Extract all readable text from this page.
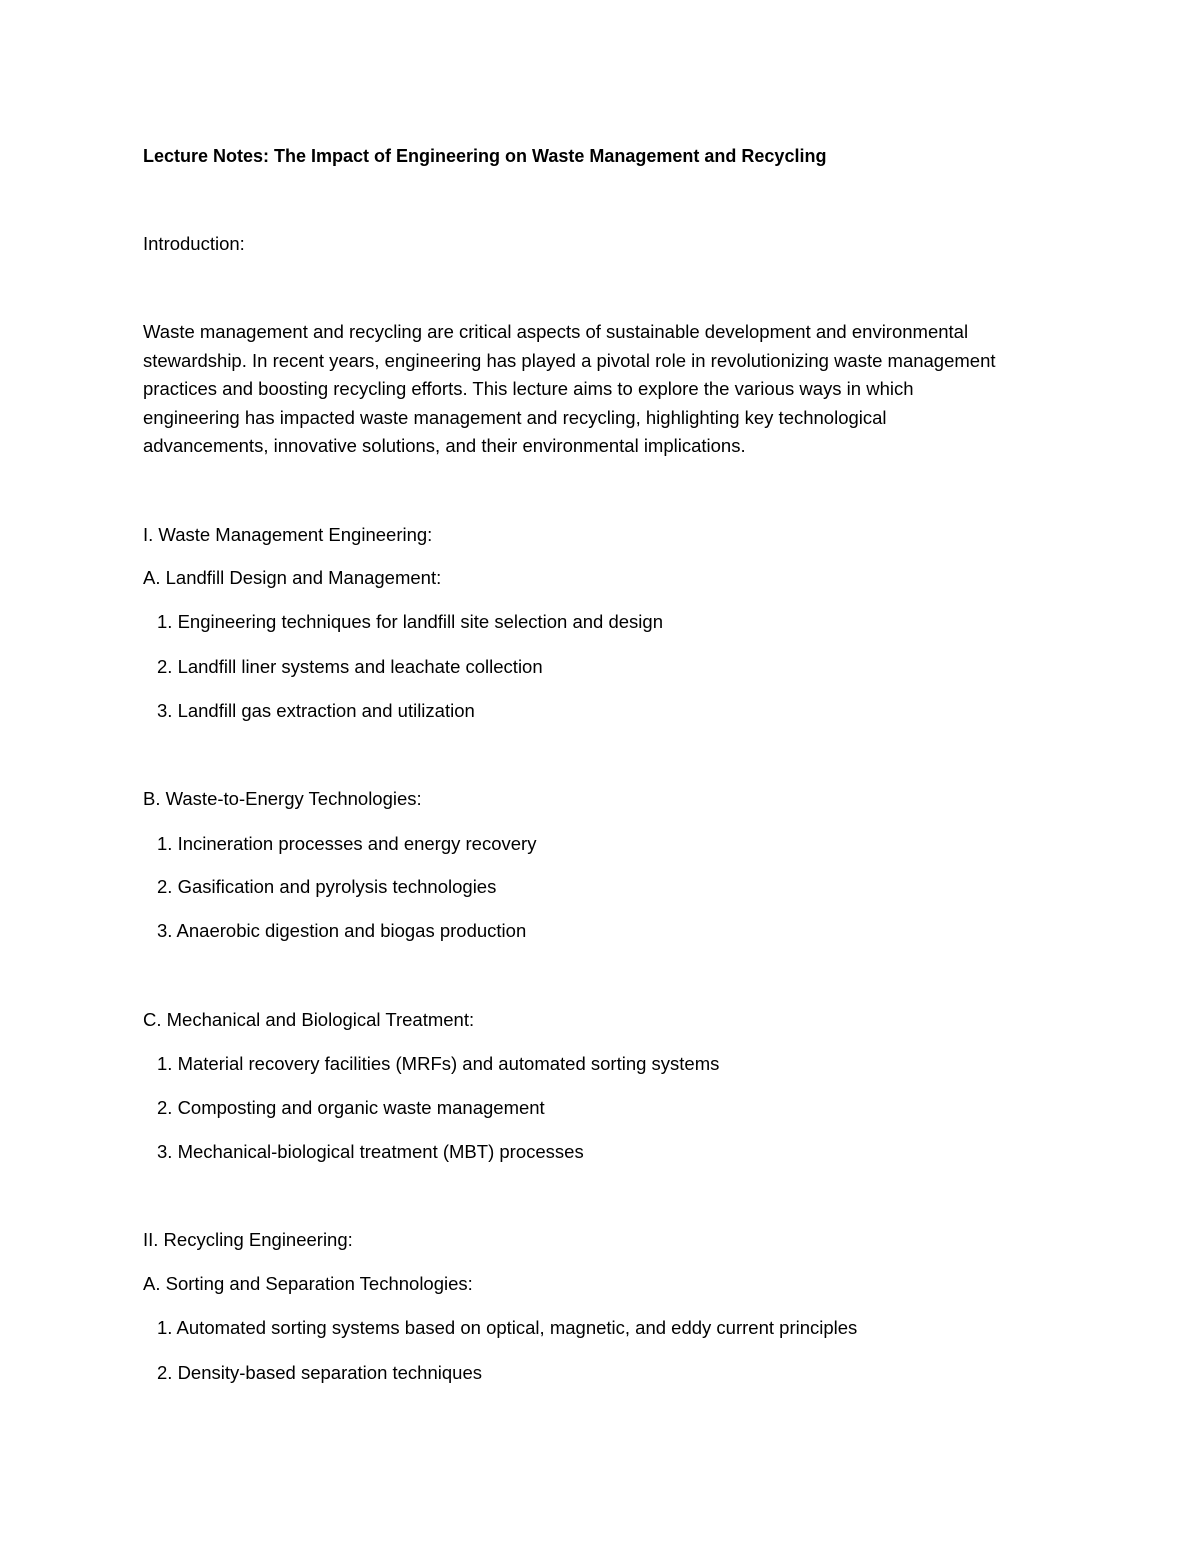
Lecture Notes: The Impact of Engineering on Waste Management and Recycling
Introduction:
Waste management and recycling are critical aspects of sustainable development and environmental
stewardship. In recent years, engineering has played a pivotal role in revolutionizing waste management
practices and boosting recycling efforts. This lecture aims to explore the various ways in which
engineering has impacted waste management and recycling, highlighting key technological
advancements, innovative solutions, and their environmental implications.
I. Waste Management Engineering:
A. Landfill Design and Management:
1. Engineering techniques for landfill site selection and design
2. Landfill liner systems and leachate collection
3. Landfill gas extraction and utilization
B. Waste-to-Energy Technologies:
1. Incineration processes and energy recovery
2. Gasification and pyrolysis technologies
3. Anaerobic digestion and biogas production
C. Mechanical and Biological Treatment:
1. Material recovery facilities (MRFs) and automated sorting systems
2. Composting and organic waste management
3. Mechanical-biological treatment (MBT) processes
II. Recycling Engineering:
A. Sorting and Separation Technologies:
1. Automated sorting systems based on optical, magnetic, and eddy current principles
2. Density-based separation techniques
